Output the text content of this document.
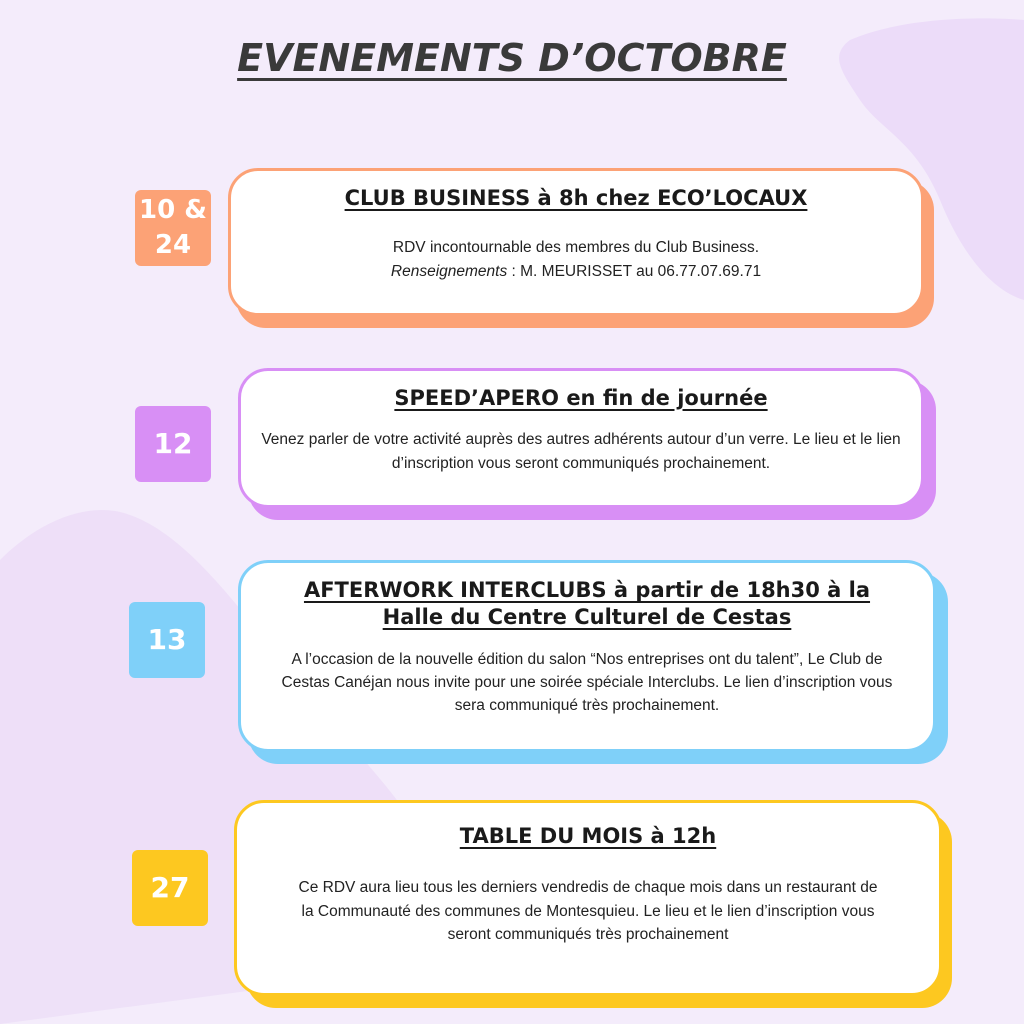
EVENEMENTS D’OCTOBRE
10 &
24
CLUB BUSINESS à 8h chez ECO’LOCAUX
RDV incontournable des membres du Club Business.
Renseignements : M. MEURISSET au 06.77.07.69.71
12
SPEED’APERO en fin de journée
Venez parler de votre activité auprès des autres adhérents autour d’un verre. Le lieu et le lien d’inscription vous seront communiqués prochainement.
13
AFTERWORK INTERCLUBS à partir de 18h30 à la Halle du Centre Culturel de Cestas
A l’occasion de la nouvelle édition du salon “Nos entreprises ont du talent”, Le Club de Cestas Canéjan nous invite pour une soirée spéciale Interclubs. Le lien d’inscription vous sera communiqué très prochainement.
27
TABLE DU MOIS à 12h
Ce RDV aura lieu tous les derniers vendredis de chaque mois dans un restaurant de la Communauté des communes de Montesquieu. Le lieu et le lien d’inscription vous seront communiqués très prochainement
